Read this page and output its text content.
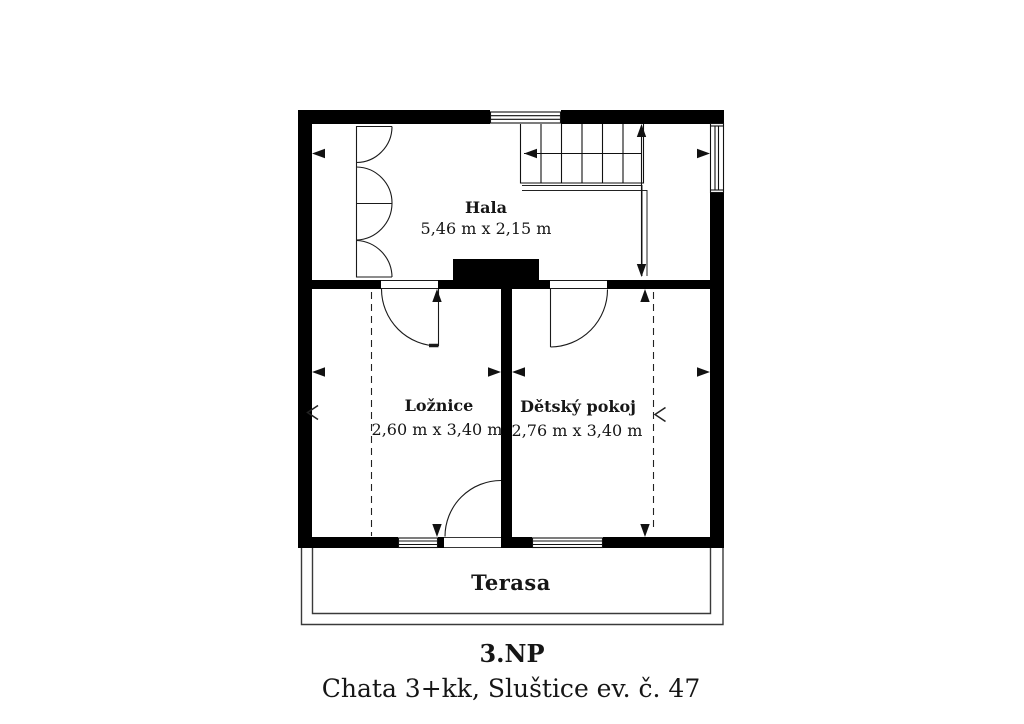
Hala
5,46 m x 2,15 m
Ložnice
2,60 m x 3,40 m
Dětský pokoj
2,76 m x 3,40 m
Terasa
3.NP
Chata 3+kk, Sluštice ev. č. 47
